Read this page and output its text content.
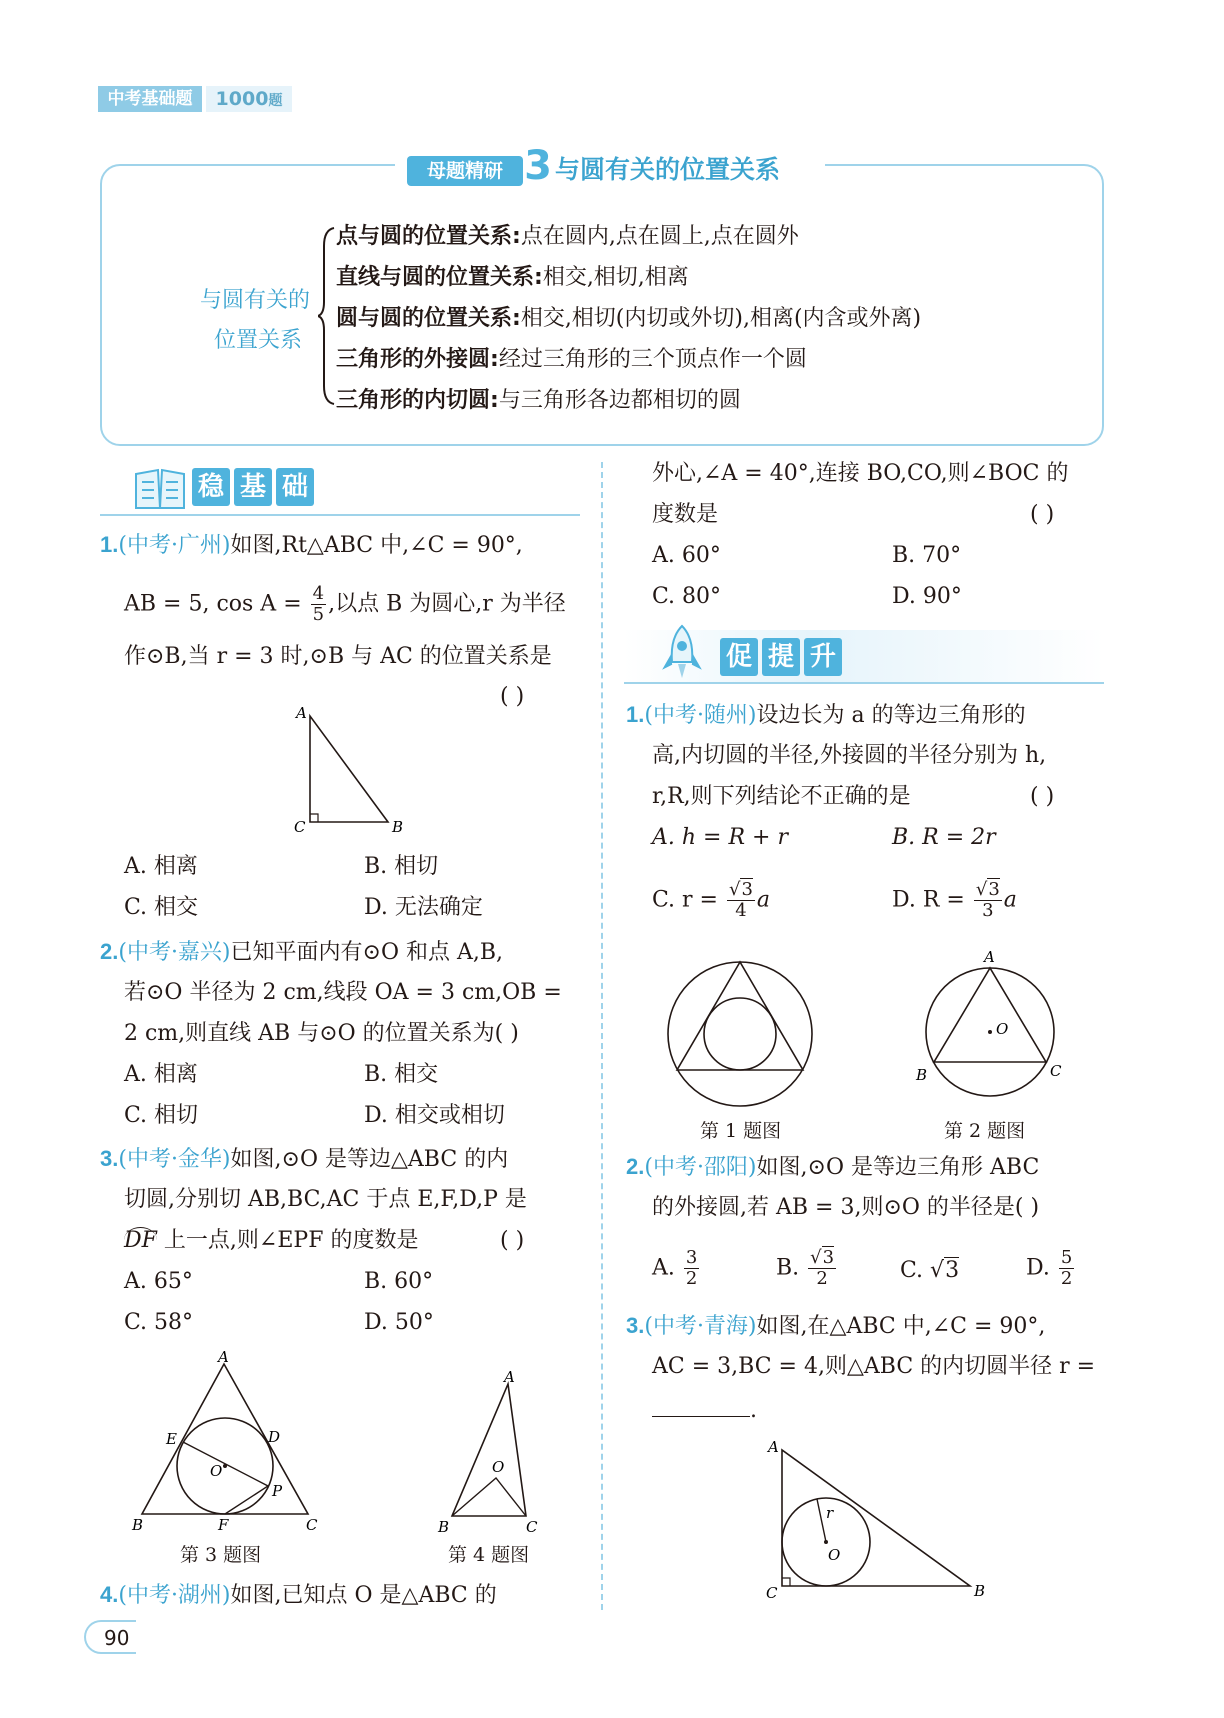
中考基础题	1000题
母题精研 3 与圆有关的位置关系
与圆有关的
位置关系
点与圆的位置关系:点在圆内,点在圆上,点在圆外
直线与圆的位置关系:相交,相切,相离
圆与圆的位置关系:相交,相切(内切或外切),相离(内含或外离)
三角形的外接圆:经过三角形的三个顶点作一个圆
三角形的内切圆:与三角形各边都相切的圆
稳 基 础
1.(中考·广州)如图,Rt△ABC 中,∠C = 90°,
AB = 5, $\cos A = \frac{4}{5}$ ,以点 B 为圆心,r 为半径
作⊙B,当 r = 3 时,⊙B 与 AC 的位置关系是
( )
A
C	B
A. 相离	B. 相切
C. 相交	D. 无法确定
2.(中考·嘉兴)已知平面内有⊙O 和点 A,B,
若⊙O 半径为 2 cm,线段 OA = 3 cm,OB =
2 cm,则直线 AB 与⊙O 的位置关系为( )
A. 相离	B. 相交
C. 相切	D. 相交或相切
3.(中考·金华)如图,⊙O 是等边△ABC 的内
切圆,分别切 AB,BC,AC 于点 E,F,D,P 是
DF 上一点,则∠EPF 的度数是	( )
A. 65°	B. 60°
C. 58°	D. 50°
A
E	D
O
P
B	F	C
第 3 题图
A
O
B	C
第 4 题图
4.(中考·湖州)如图,已知点 O 是△ABC 的
外心,∠A = 40°,连接 BO,CO,则∠BOC 的
度数是	( )
A. 60°	B. 70°
C. 80°	D. 90°
促 提 升
1.(中考·随州)设边长为 a 的等边三角形的
高,内切圆的半径,外接圆的半径分别为 h,
r,R,则下列结论不正确的是	( )
A. h = R + r	B. R = 2r
C. $r = \frac{√3}{4}$ a	D. $R = \frac{√3}{3}$ a
第 1 题图
A
O
B	C
第 2 题图
2.(中考·邵阳)如图,⊙O 是等边三角形 ABC
的外接圆,若 AB = 3,则⊙O 的半径是( )
A. $\frac{3}{2}$	B. $\frac{√3}{2}$	C. √3	D. $\frac{5}{2}$
3.(中考·青海)如图,在△ABC 中,∠C = 90°,
AC = 3,BC = 4,则△ABC 的内切圆半径 r =
.
A
r
O
C	B
90
